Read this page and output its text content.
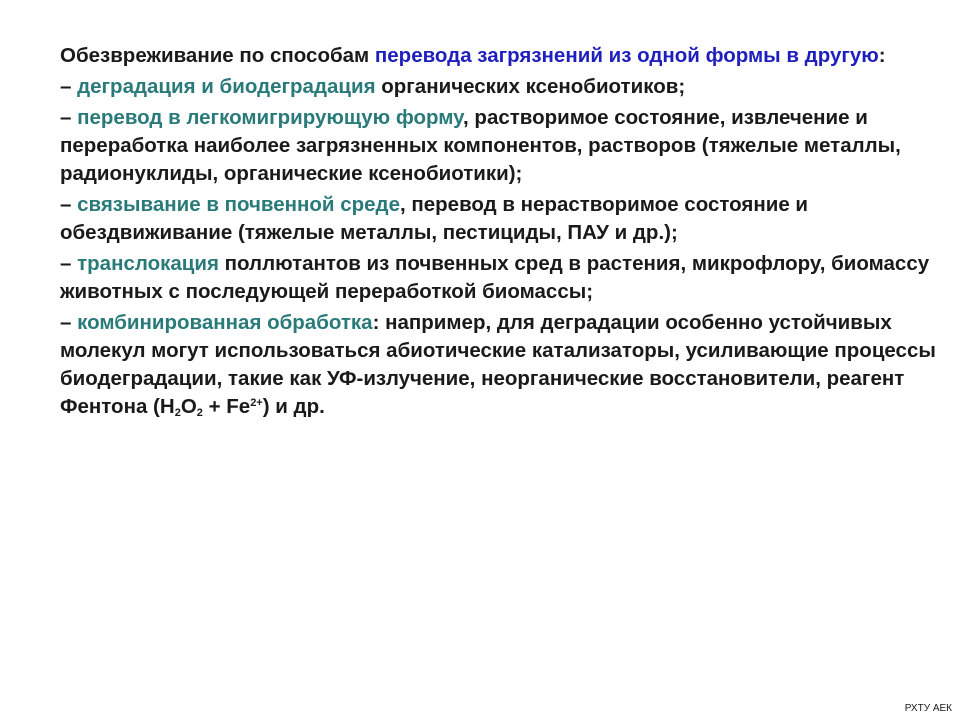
Обезвреживание по способам перевода загрязнений из одной формы в другую:

– деградация и биодеградация органических ксенобиотиков;

– перевод в легкомигрирующую форму, растворимое состояние, извлечение и переработка наиболее загрязненных компонентов, растворов (тяжелые металлы, радионуклиды, органические ксенобиотики);

– связывание в почвенной среде, перевод в нерастворимое состояние и обездвиживание (тяжелые металлы, пестициды, ПАУ и др.);

– транслокация поллютантов из почвенных сред в растения, микрофлору, биомассу животных с последующей переработкой биомассы;

– комбинированная обработка: например, для деградации особенно устойчивых молекул могут использоваться абиотические катализаторы, усиливающие процессы биодеградации, такие как УФ-излучение, неорганические восстановители, реагент Фентона $(H_2O_2 + Fe^{2+})$ и др.

РХТУ АЕК
